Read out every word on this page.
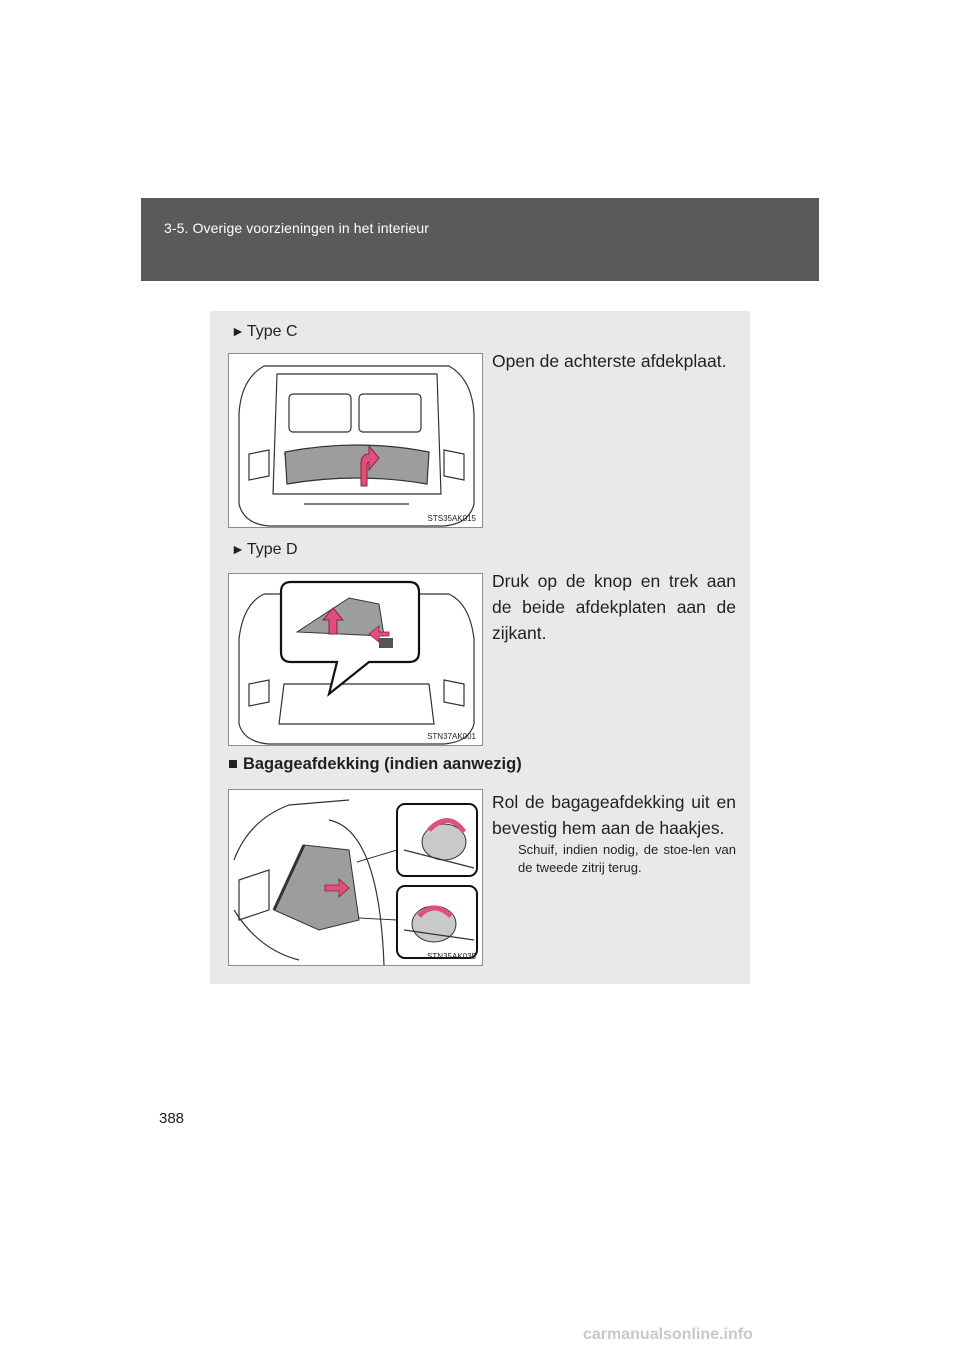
3-5. Overige voorzieningen in het interieur
► Type C
STS35AK015
Open de achterste afdekplaat.
► Type D
STN37AK001
Druk op de knop en trek aan de beide afdekplaten aan de zijkant.
■ Bagageafdekking (indien aanwezig)
STN35AK035
Rol de bagageafdekking uit en bevestig hem aan de haakjes.
Schuif, indien nodig, de stoe-len van de tweede zitrij terug.
388
carmanualsonline.info
